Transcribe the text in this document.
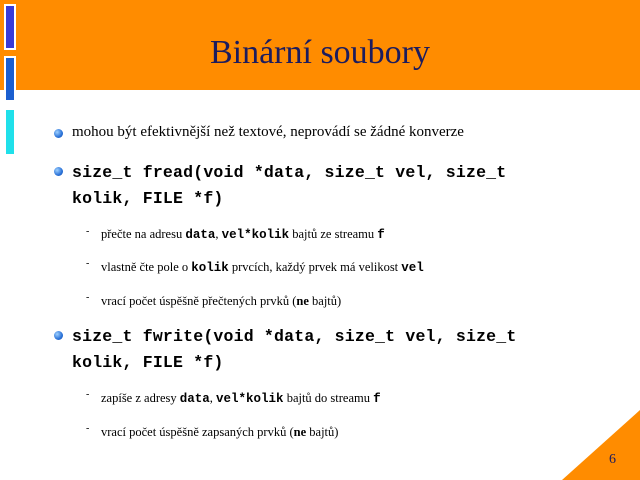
Binární soubory
mohou být efektivnější než textové, neprovádí se žádné konverze
size_t fread(void *data, size_t vel, size_t
kolik, FILE *f)
- přečte na adresu data, vel*kolik bajtů ze streamu f
- vlastně čte pole o kolik prvcích, každý prvek má velikost vel
- vrací počet úspěšně přečtených prvků (ne bajtů)
size_t fwrite(void *data, size_t vel, size_t
kolik, FILE *f)
- zapíše z adresy data, vel*kolik bajtů do streamu f
- vrací počet úspěšně zapsaných prvků (ne bajtů)
6
